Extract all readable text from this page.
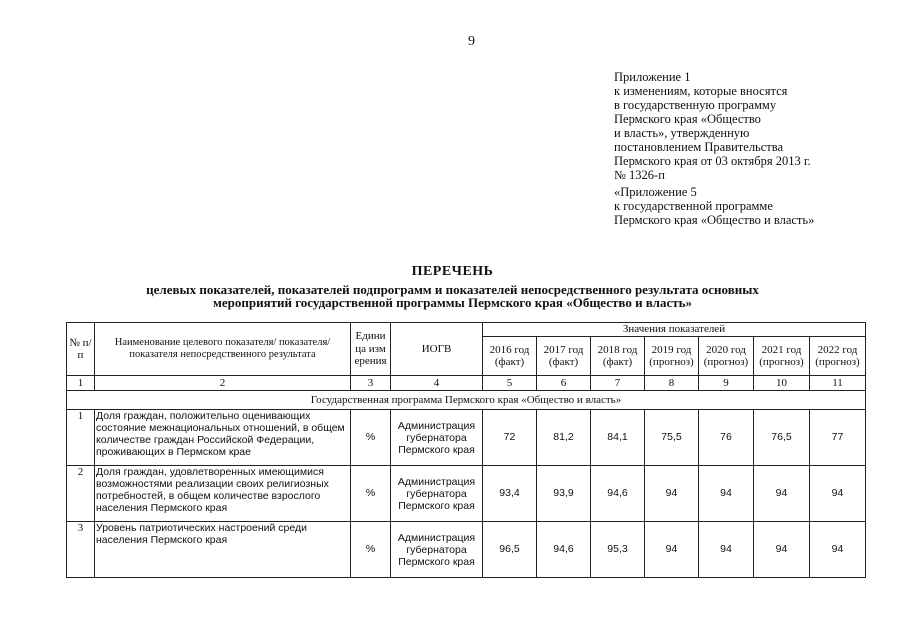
9
Приложение 1
к изменениям, которые вносятся
в государственную программу
Пермского края «Общество
и власть», утвержденную
постановлением Правительства
Пермского края от 03 октября 2013 г.
№ 1326-п
«Приложение 5
к государственной программе
Пермского края «Общество и власть»
ПЕРЕЧЕНЬ
целевых показателей, показателей подпрограмм и показателей непосредственного результата основных
мероприятий государственной программы Пермского края «Общество и власть»
№ п/п	Наименование целевого показателя/ показателя/ показателя непосредственного результата	Единица измерения	ИОГВ	Значения показателей						
				2016 год (факт)	2017 год (факт)	2018 год (факт)	2019 год (прогноз)	2020 год (прогноз)	2021 год (прогноз)	2022 год (прогноз)
1	2	3	4	5	6	7	8	9	10	11
Государственная программа Пермского края «Общество и власть»										
1	Доля граждан, положительно оценивающих состояние межнациональных отношений, в общем количестве граждан Российской Федерации, проживающих в Пермском крае	%	Администрация губернатора Пермского края	72	81,2	84,1	75,5	76	76,5	77
2	Доля граждан, удовлетворенных имеющимися возможностями реализации своих религиозных потребностей, в общем количестве взрослого населения Пермского края	%	Администрация губернатора Пермского края	93,4	93,9	94,6	94	94	94	94
3	Уровень патриотических настроений среди населения Пермского края	%	Администрация губернатора Пермского края	96,5	94,6	95,3	94	94	94	94
